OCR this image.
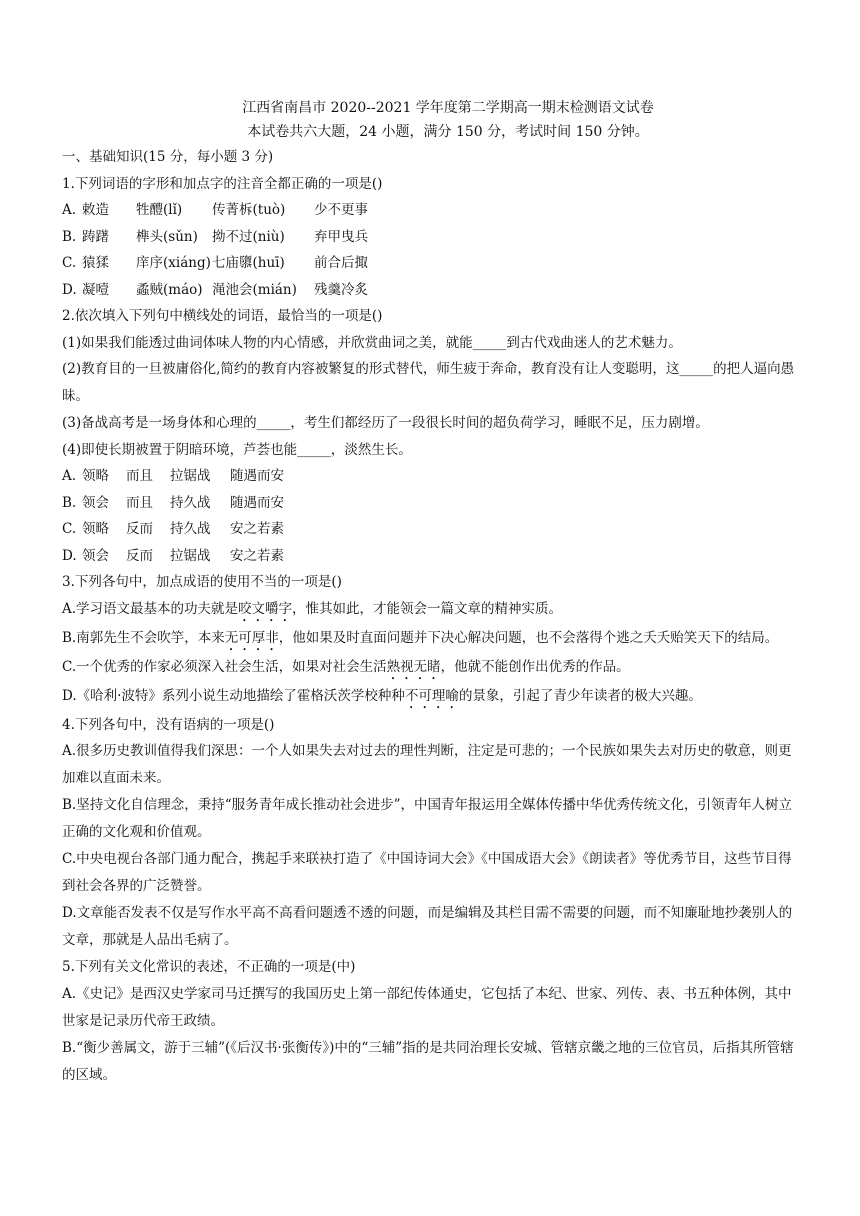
江西省南昌市 2020--2021 学年度第二学期高一期末检测语文试卷
本试卷共六大题，24 小题，满分 150 分，考试时间 150 分钟。
一、基础知识(15 分，每小题 3 分)
1.下列词语的字形和加点字的注音全都正确的一项是()
A. 敕造	牲醴(lǐ)	传菁柝(tuò)	少不更事
B. 踌躇	榫头(sǔn)	拗不过(niù)	弃甲曳兵
C. 猿猱	庠序(xiáng) 七庙隳(huī)	前合后掫
D. 凝噎	蟊贼(máo) 渑池会(mián)	残羹冷炙
2.依次填入下列句中横线处的词语，最恰当的一项是()
(1)如果我们能透过曲词体味人物的内心情感，并欣赏曲词之美，就能_____到古代戏曲迷人的艺术魅力。
(2)教育目的一旦被庸俗化,简约的教育内容被繁复的形式替代，师生疲于奔命，教育没有让人变聪明，这_____的把人逼向愚昧。
(3)备战高考是一场身体和心理的_____，考生们都经历了一段很长时间的超负荷学习，睡眠不足，压力剧增。
(4)即使长期被置于阴暗环境，芦荟也能_____，淡然生长。
A. 领略	而且	拉锯战	随遇而安
B. 领会	而且	持久战	随遇而安
C. 领略	反而	持久战	安之若素
D. 领会	反而	拉锯战	安之若素
3.下列各句中，加点成语的使用不当的一项是()
A.学习语文最基本的功夫就是咬文嚼字，惟其如此，才能领会一篇文章的精神实质。
B.南郭先生不会吹竽，本来无可厚非，他如果及时直面问题并下决心解决问题，也不会落得个逃之夭夭贻笑天下的结局。
C.一个优秀的作家必须深入社会生活，如果对社会生活熟视无睹，他就不能创作出优秀的作品。
D.《哈利·波特》系列小说生动地描绘了霍格沃茨学校种种不可理喻的景象，引起了青少年读者的极大兴趣。
4.下列各句中，没有语病的一项是()
A.很多历史教训值得我们深思：一个人如果失去对过去的理性判断，注定是可悲的；一个民族如果失去对历史的敬意，则更加难以直面未来。
B.坚持文化自信理念，秉持“服务青年成长推动社会进步”，中国青年报运用全媒体传播中华优秀传统文化，引领青年人树立正确的文化观和价值观。
C.中央电视台各部门通力配合，携起手来联袂打造了《中国诗词大会》《中国成语大会》《朗读者》等优秀节目，这些节目得到社会各界的广泛赞誉。
D.文章能否发表不仅是写作水平高不高看问题透不透的问题，而是编辑及其栏目需不需要的问题，而不知廉耻地抄袭别人的文章，那就是人品出毛病了。
5.下列有关文化常识的表述，不正确的一项是(中)
A.《史记》是西汉史学家司马迁撰写的我国历史上第一部纪传体通史，它包括了本纪、世家、列传、表、书五种体例，其中世家是记录历代帝王政绩。
B.“衡少善属文，游于三辅”(《后汉书·张衡传》)中的“三辅”指的是共同治理长安城、管辖京畿之地的三位官员，后指其所管辖的区域。
